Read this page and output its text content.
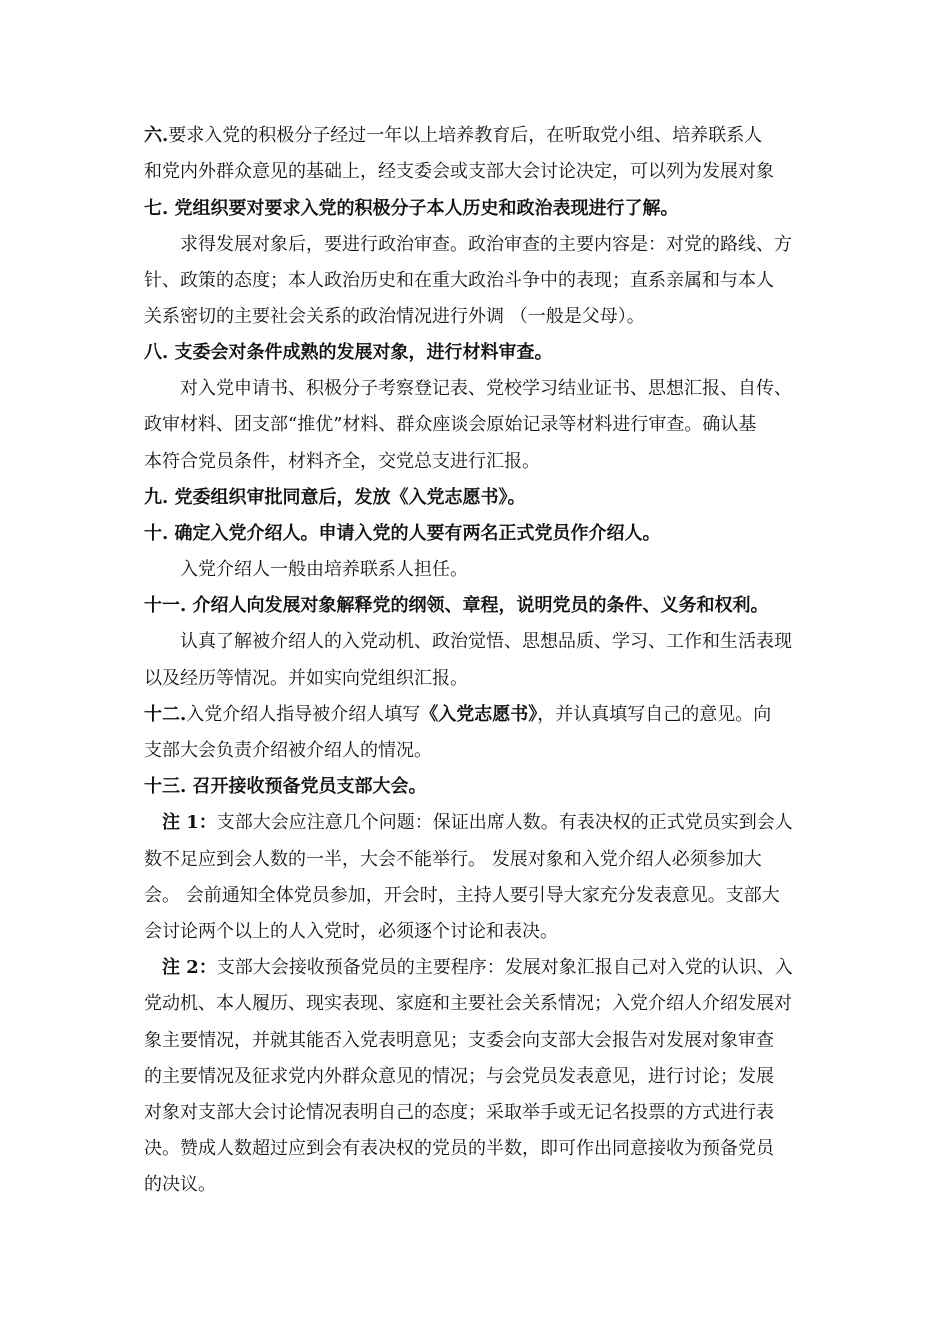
六.要求入党的积极分子经过一年以上培养教育后，在听取党小组、培养联系人
和党内外群众意见的基础上，经支委会或支部大会讨论决定，可以列为发展对象
七. 党组织要对要求入党的积极分子本人历史和政治表现进行了解。
求得发展对象后，要进行政治审查。政治审查的主要内容是：对党的路线、方
针、政策的态度；本人政治历史和在重大政治斗争中的表现；直系亲属和与本人
关系密切的主要社会关系的政治情况进行外调 （一般是父母）。
八. 支委会对条件成熟的发展对象，进行材料审查。
对入党申请书、积极分子考察登记表、党校学习结业证书、思想汇报、自传、
政审材料、团支部“推优”材料、群众座谈会原始记录等材料进行审查。确认基
本符合党员条件，材料齐全，交党总支进行汇报。
九. 党委组织审批同意后，发放《入党志愿书》。
十. 确定入党介绍人。申请入党的人要有两名正式党员作介绍人。
入党介绍人一般由培养联系人担任。
十一. 介绍人向发展对象解释党的纲领、章程，说明党员的条件、义务和权利。
认真了解被介绍人的入党动机、政治觉悟、思想品质、学习、工作和生活表现
以及经历等情况。并如实向党组织汇报。
十二.入党介绍人指导被介绍人填写《入党志愿书》，并认真填写自己的意见。向
支部大会负责介绍被介绍人的情况。
十三. 召开接收预备党员支部大会。
注 1：支部大会应注意几个问题：保证出席人数。有表决权的正式党员实到会人
数不足应到会人数的一半，大会不能举行。 发展对象和入党介绍人必须参加大
会。 会前通知全体党员参加，开会时，主持人要引导大家充分发表意见。支部大
会讨论两个以上的人入党时，必须逐个讨论和表决。
注 2：支部大会接收预备党员的主要程序：发展对象汇报自己对入党的认识、入
党动机、本人履历、现实表现、家庭和主要社会关系情况；入党介绍人介绍发展对
象主要情况，并就其能否入党表明意见；支委会向支部大会报告对发展对象审查
的主要情况及征求党内外群众意见的情况；与会党员发表意见，进行讨论；发展
对象对支部大会讨论情况表明自己的态度；采取举手或无记名投票的方式进行表
决。赞成人数超过应到会有表决权的党员的半数，即可作出同意接收为预备党员
的决议。
